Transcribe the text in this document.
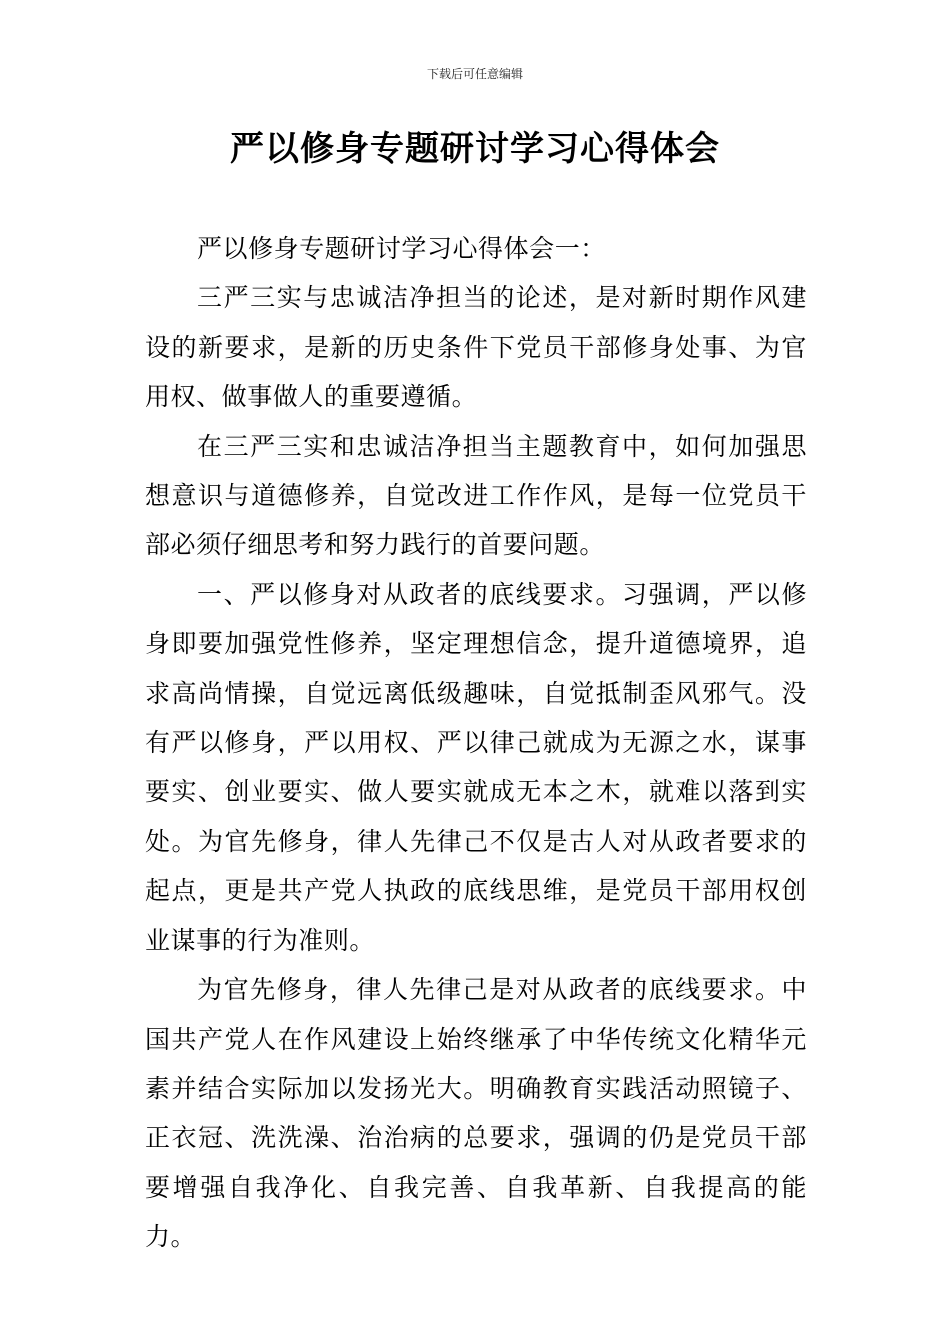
下载后可任意编辑
严以修身专题研讨学习心得体会

严以修身专题研讨学习心得体会一：

三严三实与忠诚洁净担当的论述，是对新时期作风建设的新要求，是新的历史条件下党员干部修身处事、为官用权、做事做人的重要遵循。

在三严三实和忠诚洁净担当主题教育中，如何加强思想意识与道德修养，自觉改进工作作风，是每一位党员干部必须仔细思考和努力践行的首要问题。

一、严以修身对从政者的底线要求。习强调，严以修身即要加强党性修养，坚定理想信念，提升道德境界，追求高尚情操，自觉远离低级趣味，自觉抵制歪风邪气。没有严以修身，严以用权、严以律己就成为无源之水，谋事要实、创业要实、做人要实就成无本之木，就难以落到实处。为官先修身，律人先律己不仅是古人对从政者要求的起点，更是共产党人执政的底线思维，是党员干部用权创业谋事的行为准则。

为官先修身，律人先律己是对从政者的底线要求。中国共产党人在作风建设上始终继承了中华传统文化精华元素并结合实际加以发扬光大。明确教育实践活动照镜子、正衣冠、洗洗澡、治治病的总要求，强调的仍是党员干部要增强自我净化、自我完善、自我革新、自我提高的能力。
